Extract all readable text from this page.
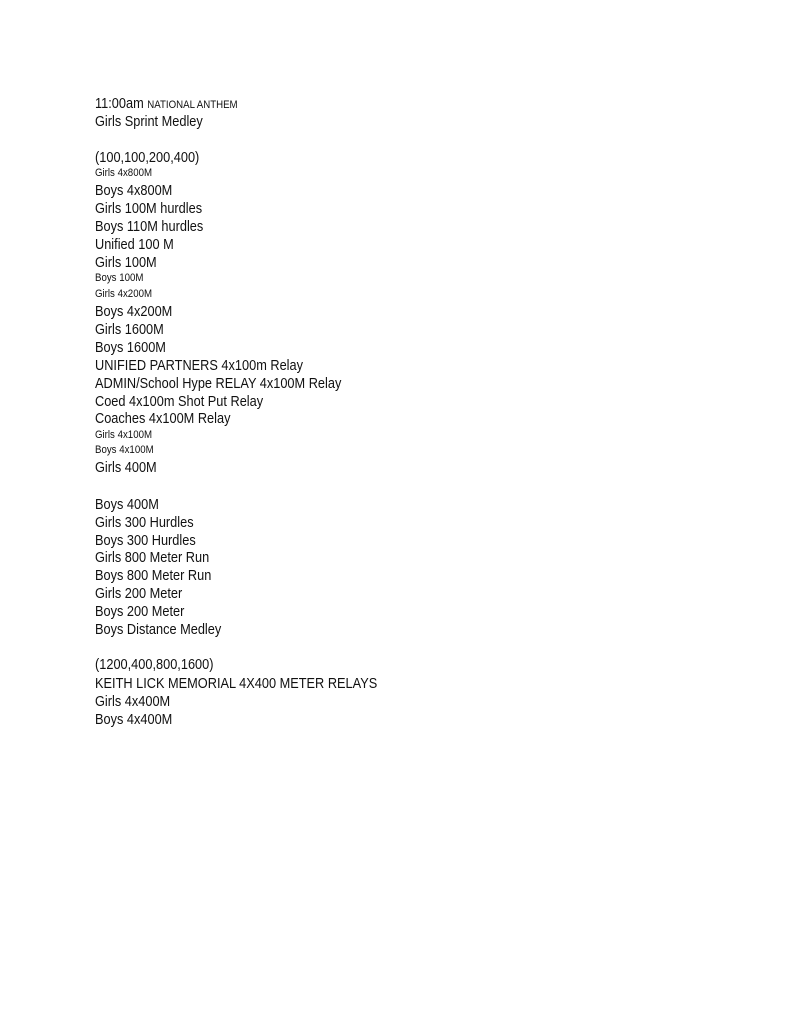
11:00am NATIONAL ANTHEM
Girls Sprint Medley
(100,100,200,400)
Girls 4x800M
Boys 4x800M
Girls 100M hurdles
Boys 110M hurdles
Unified 100 M
Girls 100M
Boys 100M
Girls 4x200M
Boys 4x200M
Girls 1600M
Boys 1600M
UNIFIED PARTNERS 4x100m Relay
ADMIN/School Hype RELAY 4x100M Relay
Coed 4x100m Shot Put Relay
Coaches 4x100M Relay
Girls 4x100M
Boys 4x100M
Girls 400M
Boys 400M
Girls 300 Hurdles
Boys 300 Hurdles
Girls 800 Meter Run
Boys 800 Meter Run
Girls 200 Meter
Boys 200 Meter
Boys Distance Medley
(1200,400,800,1600)
KEITH LICK MEMORIAL 4X400 METER RELAYS
Girls 4x400M
Boys 4x400M
